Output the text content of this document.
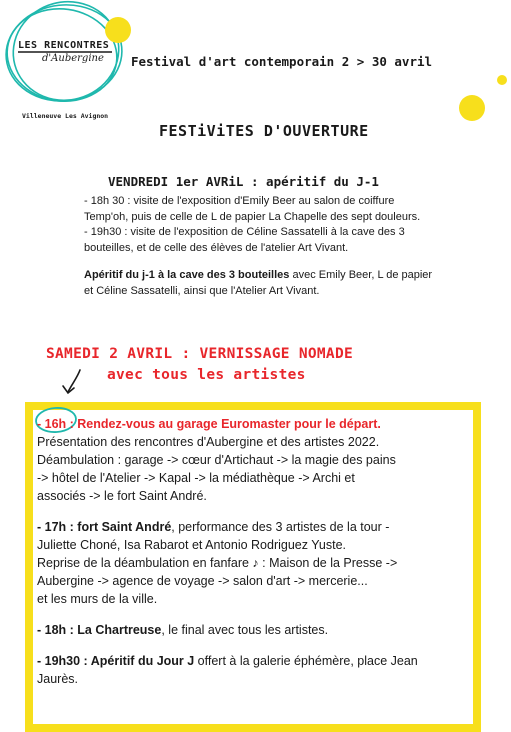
LES RENCONTRES
d'Aubergine
Villeneuve Les Avignon
Festival d'art contemporain 2 > 30 avril
FESTiViTES D'OUVERTURE
VENDREDI 1er AVRiL : apéritif du J-1

- 18h 30 : visite de l'exposition d'Emily Beer au salon de coiffure

Temp'oh, puis de celle de L de papier La Chapelle des sept douleurs.

- 19h30 : visite de l'exposition de Céline Sassatelli à la cave des 3

bouteilles, et de celle des élèves de l'atelier Art Vivant.

Apéritif du j-1 à la cave des 3 bouteilles avec Emily Beer, L de papier

et Céline Sassatelli, ainsi que l'Atelier Art Vivant.

SAMEDI 2 AVRIL : VERNISSAGE NOMADE
avec tous les artistes

- 16h : Rendez-vous au garage Euromaster pour le départ.

Présentation des rencontres d'Aubergine et des artistes 2022.

Déambulation : garage -> cœur d'Artichaut -> la magie des pains

-> hôtel de l'Atelier -> Kapal -> la médiathèque -> Archi et

associés -> le fort Saint André.

- 17h : fort Saint André, performance des 3 artistes de la tour -

Juliette Choné, Isa Rabarot et Antonio Rodriguez Yuste.

Reprise de la déambulation en fanfare ♪ : Maison de la Presse ->

Aubergine -> agence de voyage -> salon d'art -> mercerie...

et les murs de la ville.

- 18h : La Chartreuse, le final avec tous les artistes.

- 19h30 : Apéritif du Jour J offert à la galerie éphémère, place Jean

Jaurès.
